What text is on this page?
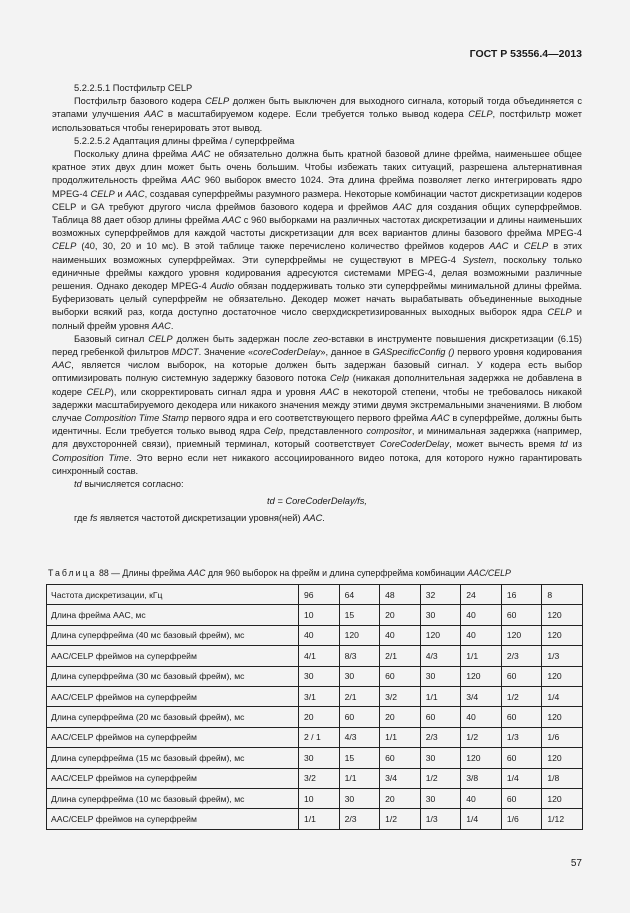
ГОСТ Р 53556.4—2013

5.2.2.5.1 Постфильтр CELP

Постфильтр базового кодера CELP должен быть выключен для выходного сигнала, который тогда объединяется с этапами улучшения AAC в масштабируемом кодере. Если требуется только вывод кодера CELP, постфильтр может использоваться чтобы генерировать этот вывод.

5.2.2.5.2 Адаптация длины фрейма / суперфрейма

Поскольку длина фрейма AAC не обязательно должна быть кратной базовой длине фрейма, наименьшее общее кратное этих двух длин может быть очень большим. Чтобы избежать таких ситуаций, разрешена альтернативная продолжительность фрейма AAC 960 выборок вместо 1024. Эта длина фрейма позволяет легко интегрировать ядро MPEG-4 CELP и AAC, создавая суперфреймы разумного размера. Некоторые комбинации частот дискретизации кодеров CELP и GA требуют другого числа фреймов базового кодера и фреймов AAC для создания общих суперфреймов. Таблица 88 дает обзор длины фрейма AAC с 960 выборками на различных частотах дискретизации и длины наименьших возможных суперфреймов для каждой частоты дискретизации для всех вариантов длины базового фрейма MPEG-4 CELP (40, 30, 20 и 10 мс). В этой таблице также перечислено количество фреймов кодеров AAC и CELP в этих наименьших возможных суперфреймах. Эти суперфреймы не существуют в MPEG-4 System, поскольку только единичные фреймы каждого уровня кодирования адресуются системами MPEG-4, делая возможными различные решения. Однако декодер MPEG-4 Audio обязан поддерживать только эти суперфреймы минимальной длины фрейма. Буферизовать целый суперфрейм не обязательно. Декодер может начать вырабатывать объединенные выходные выборки всякий раз, когда доступно достаточное число сверхдискретизированных выходных выборок ядра CELP и полный фрейм уровня AAC.

Базовый сигнал CELP должен быть задержан после zeo-вставки в инструменте повышения дискретизации (6.15) перед гребенкой фильтров MDCT. Значение «coreCoderDelay», данное в GASpecificConfig () первого уровня кодирования AAC, является числом выборок, на которые должен быть задержан базовый сигнал. У кодера есть выбор оптимизировать полную системную задержку базового потока Celp (никакая дополнительная задержка не добавлена в кодере CELP), или скорректировать сигнал ядра и уровня AAC в некоторой степени, чтобы не требовалось никакой задержки масштабируемого декодера или никакого значения между этими двумя экстремальными значениями. В любом случае Composition Time Stamp первого ядра и его соответствующего первого фрейма AAC в суперфрейме, должны быть идентичны. Если требуется только вывод ядра Celp, представленного compositor, и минимальная задержка (например, для двухсторонней связи), приемный терминал, который соответствует CoreCoderDelay, может вычесть время td из Composition Time. Это верно если нет никакого ассоциированного видео потока, для которого нужно гарантировать синхронный состав.

td вычисляется согласно:

td = CoreCoderDelay/fs,

где fs является частотой дискретизации уровня(ней) AAC.

Таблица 88 — Длины фрейма AAC для 960 выборок на фрейм и длина суперфрейма комбинации AAC/CELP
Частота дискретизации, кГц	96	64	48	32	24	16	8
Длина фрейма AAC, мс	10	15	20	30	40	60	120
Длина суперфрейма (40 мс базовый фрейм), мс	40	120	40	120	40	120	120
AAC/CELP фреймов на суперфрейм	4/1	8/3	2/1	4/3	1/1	2/3	1/3
Длина суперфрейма (30 мс базовый фрейм), мс	30	30	60	30	120	60	120
AAC/CELP фреймов на суперфрейм	3/1	2/1	3/2	1/1	3/4	1/2	1/4
Длина суперфрейма (20 мс базовый фрейм), мс	20	60	20	60	40	60	120
AAC/CELP фреймов на суперфрейм	2 / 1	4/3	1/1	2/3	1/2	1/3	1/6
Длина суперфрейма (15 мс базовый фрейм), мс	30	15	60	30	120	60	120
AAC/CELP фреймов на суперфрейм	3/2	1/1	3/4	1/2	3/8	1/4	1/8
Длина суперфрейма (10 мс базовый фрейм), мс	10	30	20	30	40	60	120
AAC/CELP фреймов на суперфрейм	1/1	2/3	1/2	1/3	1/4	1/6	1/12
57
